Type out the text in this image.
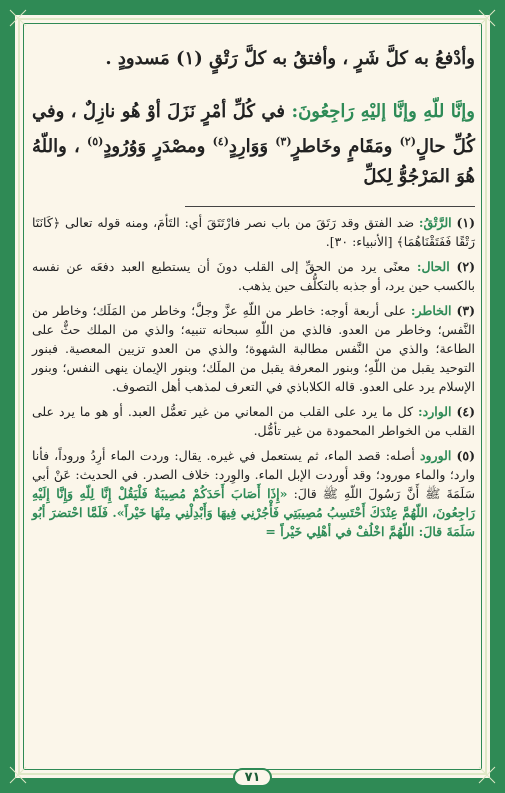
وأدْفعُ به كلَّ شَرٍ ، وأفتقُ به كلَّ رَتْقٍ (١) مَسدودٍ .

وإنَّا للّهِ وإنَّا إليْهِ رَاجِعُونَ: في كُلِّ أمْرٍ نَزَلَ أوْ هُو نازِلٌ ، وفي كُلِّ حالٍ$^{(٢)}$ ومَقَامٍ وخَاطرٍ$^{(٣)}$ وَوَارِدٍ$^{(٤)}$ ومصْدَرٍ وَوُرُودٍ$^{(٥)}$ ، واللّهُ هُوَ المَرْجُوُّ لِكلِّ

(١) الرَّتْقُ: ضد الفتق وقد رَتَقَ من باب نصر فارْتَتَقَ أي: التَأمَ، ومنه قوله تعالى ﴿كَانَتَا رَتْقًا فَفَتَقْنَاهُمَا﴾ [الأنبياء: ٣٠].

(٢) الحال: معنًى يرد من الحقِّ إلى القلب دونَ أن يستطيع العبد دفعَه عن نفسه بالكسب حين يرد، أو جذبه بالتكلُّف حين يذهب.

(٣) الخاطر: على أربعة أوجه: خاطر من اللّهِ عزَّ وجلَّ؛ وخاطر من المَلَك؛ وخاطر من النَّفس؛ وخاطر من العدو. فالذي من اللّهِ سبحانه تنبيه؛ والذي من الملك حثٌّ على الطاعة؛ والذي من النَّفس مطالبة الشهوة؛ والذي من العدو تزيين المعصية. فبنور التوحيد يقبل من اللّهِ؛ وبنور المعرفة يقبل من الملَك؛ وبنور الإيمان ينهى النفس؛ وبنور الإسلام يرد على العدو. قاله الكلاباذي في التعرف لمذهب أهل التصوف.

(٤) الوارد: كل ما يرد على القلب من المعاني من غير تعمُّل العبد. أو هو ما يرد على القلب من الخواطر المحمودة من غير تأمُّل.

(٥) الورود أصله: قصد الماء، ثم يستعمل في غيره. يقال: وردت الماء أرِدُ وروداً، فأنا وارد؛ والماء مورود؛ وقد أوردت الإبل الماء. والوِرد: خلاف الصدر. في الحديث: عَنْ أبي سَلَمَةَ ﷺ أَنَّ رَسُولَ اللّهِ ﷺ قالَ: «إِذَا أَصَابَ أَحَدَكُمْ مُصِيبَةٌ فَلْيَقُلْ إِنَّا لِلّهِ وَإِنَّا إِلَيْهِ رَاجِعُونَ، اللّهُمَّ عِنْدَكَ أَحْتَسِبُ مُصِيبَتِي فَأْجُرْنِي فِيهَا وَأَبْدِلْنِي مِنْهَا خَيْراً». فَلَمَّا احْتضرَ أبُو سَلَمَةَ قالَ: اللّهُمَّ اخْلُفْ في أهْلِي خَيْراً =

٧١
